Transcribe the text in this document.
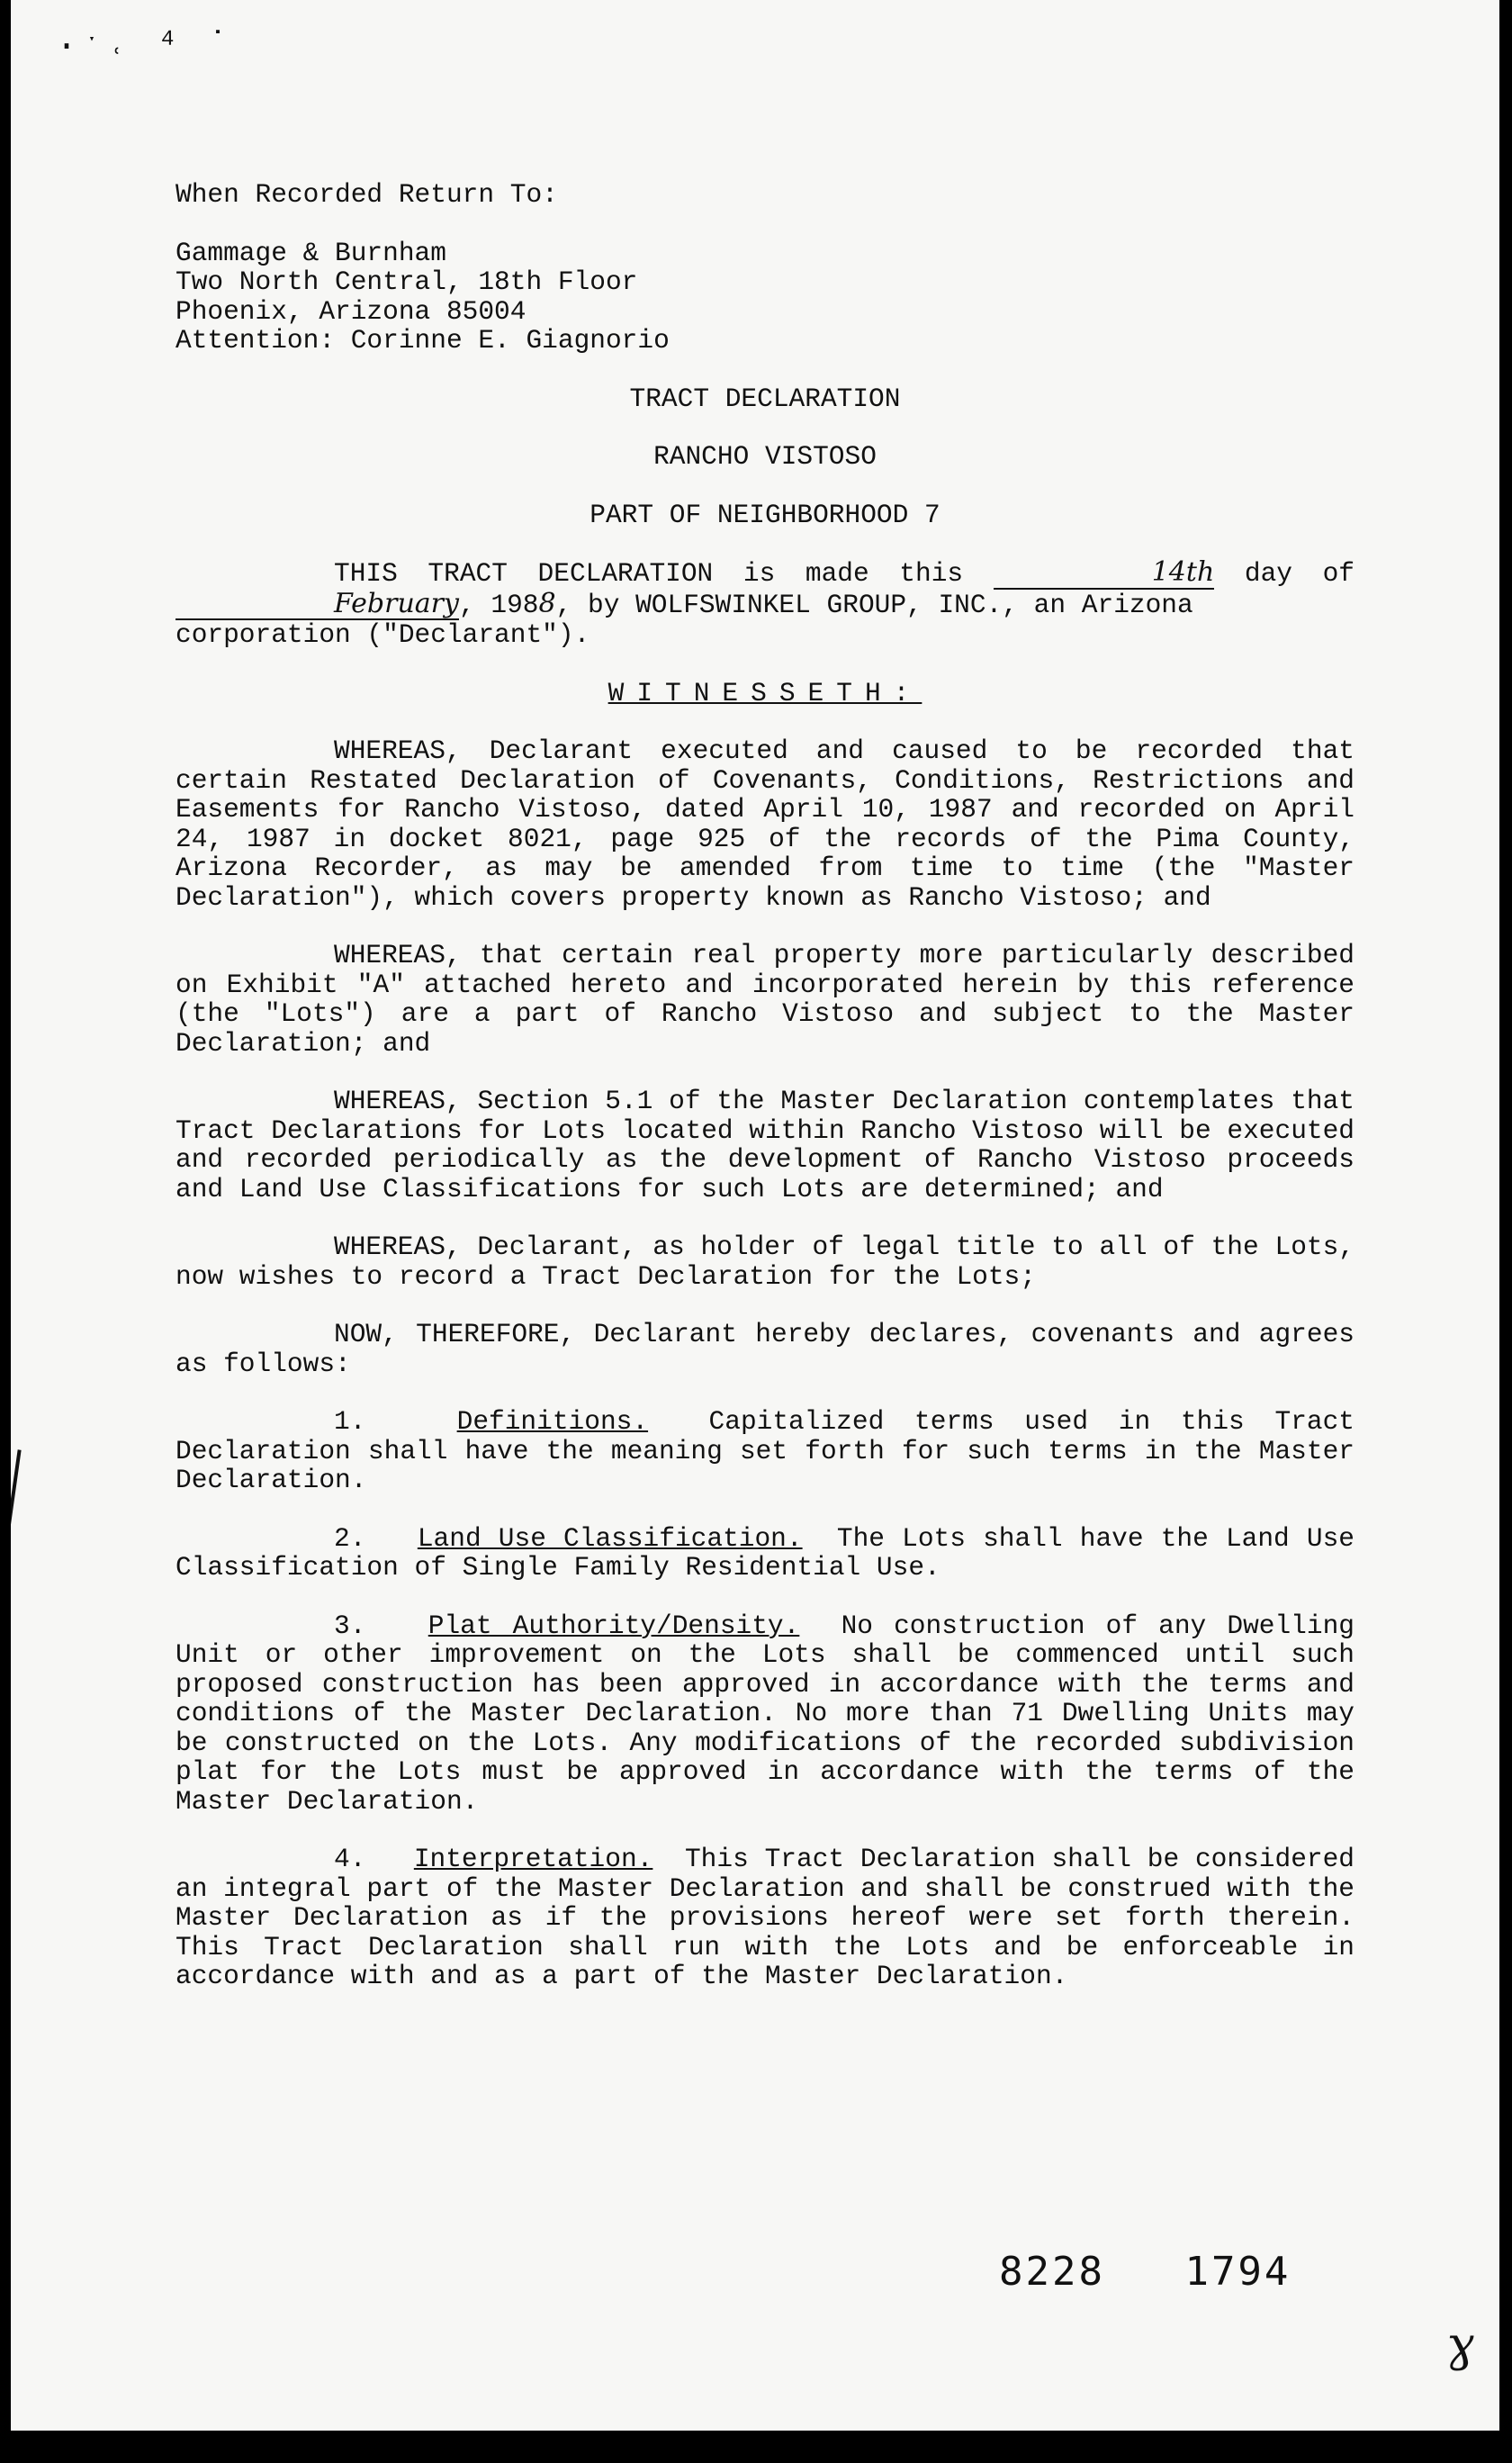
·ˑ˓ ⁴ ˙
When Recorded Return To:
Gammage & Burnham
Two North Central, 18th Floor
Phoenix, Arizona 85004
Attention: Corinne E. Giagnorio
TRACT DECLARATION
RANCHO VISTOSO
PART OF NEIGHBORHOOD 7
THIS TRACT DECLARATION is made this	14th day of February, 1988, by WOLFSWINKEL GROUP, INC., an Arizona
corporation ("Declarant").
WITNESSETH:

WHEREAS, Declarant executed and caused to be recorded that certain Restated Declaration of Covenants, Conditions, Restrictions and Easements for Rancho Vistoso, dated April 10, 1987 and recorded on April 24, 1987 in docket 8021, page 925 of the records of the Pima County, Arizona Recorder, as may be amended from time to time (the "Master Declaration"), which covers property known as Rancho Vistoso; and

WHEREAS, that certain real property more particularly described on Exhibit "A" attached hereto and incorporated herein by this reference (the "Lots") are a part of Rancho Vistoso and subject to the Master Declaration; and

WHEREAS, Section 5.1 of the Master Declaration contemplates that Tract Declarations for Lots located within Rancho Vistoso will be executed and recorded periodically as the development of Rancho Vistoso proceeds and Land Use Classifications for such Lots are determined; and

WHEREAS, Declarant, as holder of legal title to all of the Lots, now wishes to record a Tract Declaration for the Lots;

NOW, THEREFORE, Declarant hereby declares, covenants and agrees as follows:

1.	Definitions. Capitalized terms used in this Tract Declaration shall have the meaning set forth for such terms in the Master Declaration.

2. Land Use Classification. The Lots shall have the Land Use Classification of Single Family Residential Use.

3. Plat Authority/Density. No construction of any Dwelling Unit or other improvement on the Lots shall be commenced until such proposed construction has been approved in accordance with the terms and conditions of the Master Declaration. No more than 71 Dwelling Units may be constructed on the Lots. Any modifications of the recorded subdivision plat for the Lots must be approved in accordance with the terms of the Master Declaration.

4. Interpretation. This Tract Declaration shall be considered an integral part of the Master Declaration and shall be construed with the Master Declaration as if the provisions hereof were set forth therein. This Tract Declaration shall run with the Lots and be enforceable in accordance with and as a part of the Master Declaration.

8228 1794
ɣ
